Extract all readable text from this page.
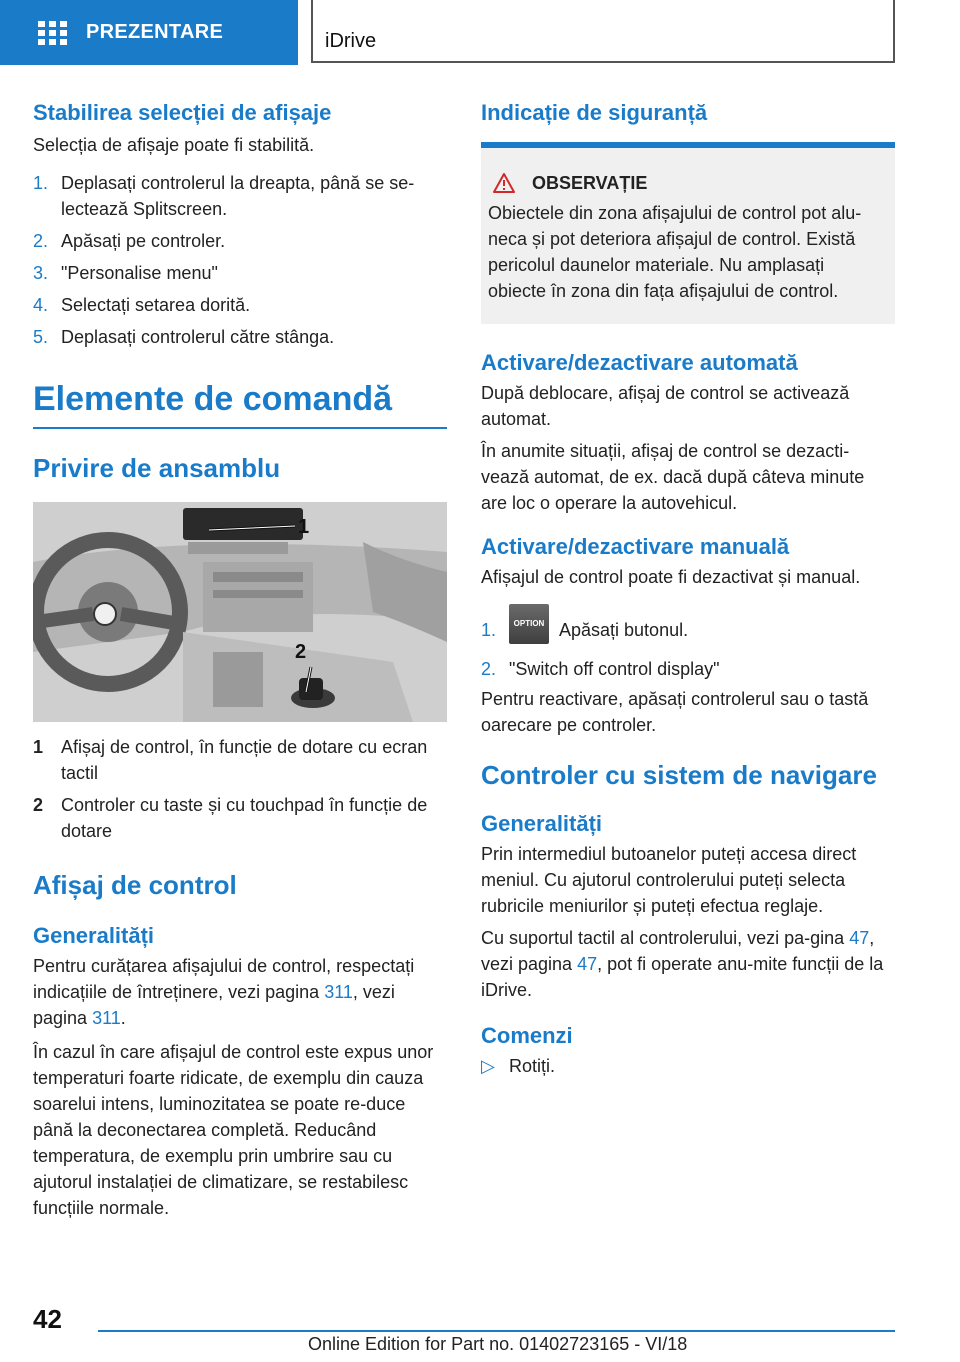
PREZENTARE	iDrive
Stabilirea selecției de afișaje

Selecția de afișaje poate fi stabilită.

1. Deplasați controlerul la dreapta, până se se-lectează Splitscreen.
2. Apăsați pe controler.
3. "Personalise menu"
4. Selectați setarea dorită.
5. Deplasați controlerul către stânga.
Elemente de comandă
Privire de ansamblu
1
2
1 Afișaj de control, în funcție de dotare cu ecran tactil
2 Controler cu taste și cu touchpad în funcție de dotare
Afișaj de control
Generalități

Pentru curățarea afișajului de control, respectați indicațiile de întreținere, vezi pagina 311, vezi pagina 311.

În cazul în care afișajul de control este expus unor temperaturi foarte ridicate, de exemplu din cauza soarelui intens, luminozitatea se poate re-duce până la deconectarea completă. Reducând temperatura, de exemplu prin umbrire sau cu ajutorul instalației de climatizare, se restabilesc funcțiile normale.

Indicație de siguranță
OBSERVAȚIE

Obiectele din zona afișajului de control pot alu-neca și pot deteriora afișajul de control. Există pericolul daunelor materiale. Nu amplasați obiecte în zona din fața afișajului de control.

Activare/dezactivare automată

După deblocare, afișaj de control se activează automat.

În anumite situații, afișaj de control se dezacti-vează automat, de ex. dacă după câteva minute are loc o operare la autovehicul.

Activare/dezactivare manuală

Afișajul de control poate fi dezactivat și manual.

1.	OPTION Apăsați butonul.
2. "Switch off control display"

Pentru reactivare, apăsați controlerul sau o tastă oarecare pe controler.

Controler cu sistem de navigare
Generalități

Prin intermediul butoanelor puteți accesa direct meniul. Cu ajutorul controlerului puteți selecta rubricile meniurilor și puteți efectua reglaje.

Cu suportul tactil al controlerului, vezi pa-gina 47, vezi pagina 47, pot fi operate anu-mite funcții de la iDrive.

Comenzi

▷ Rotiți.

42
Online Edition for Part no. 01402723165 - VI/18
